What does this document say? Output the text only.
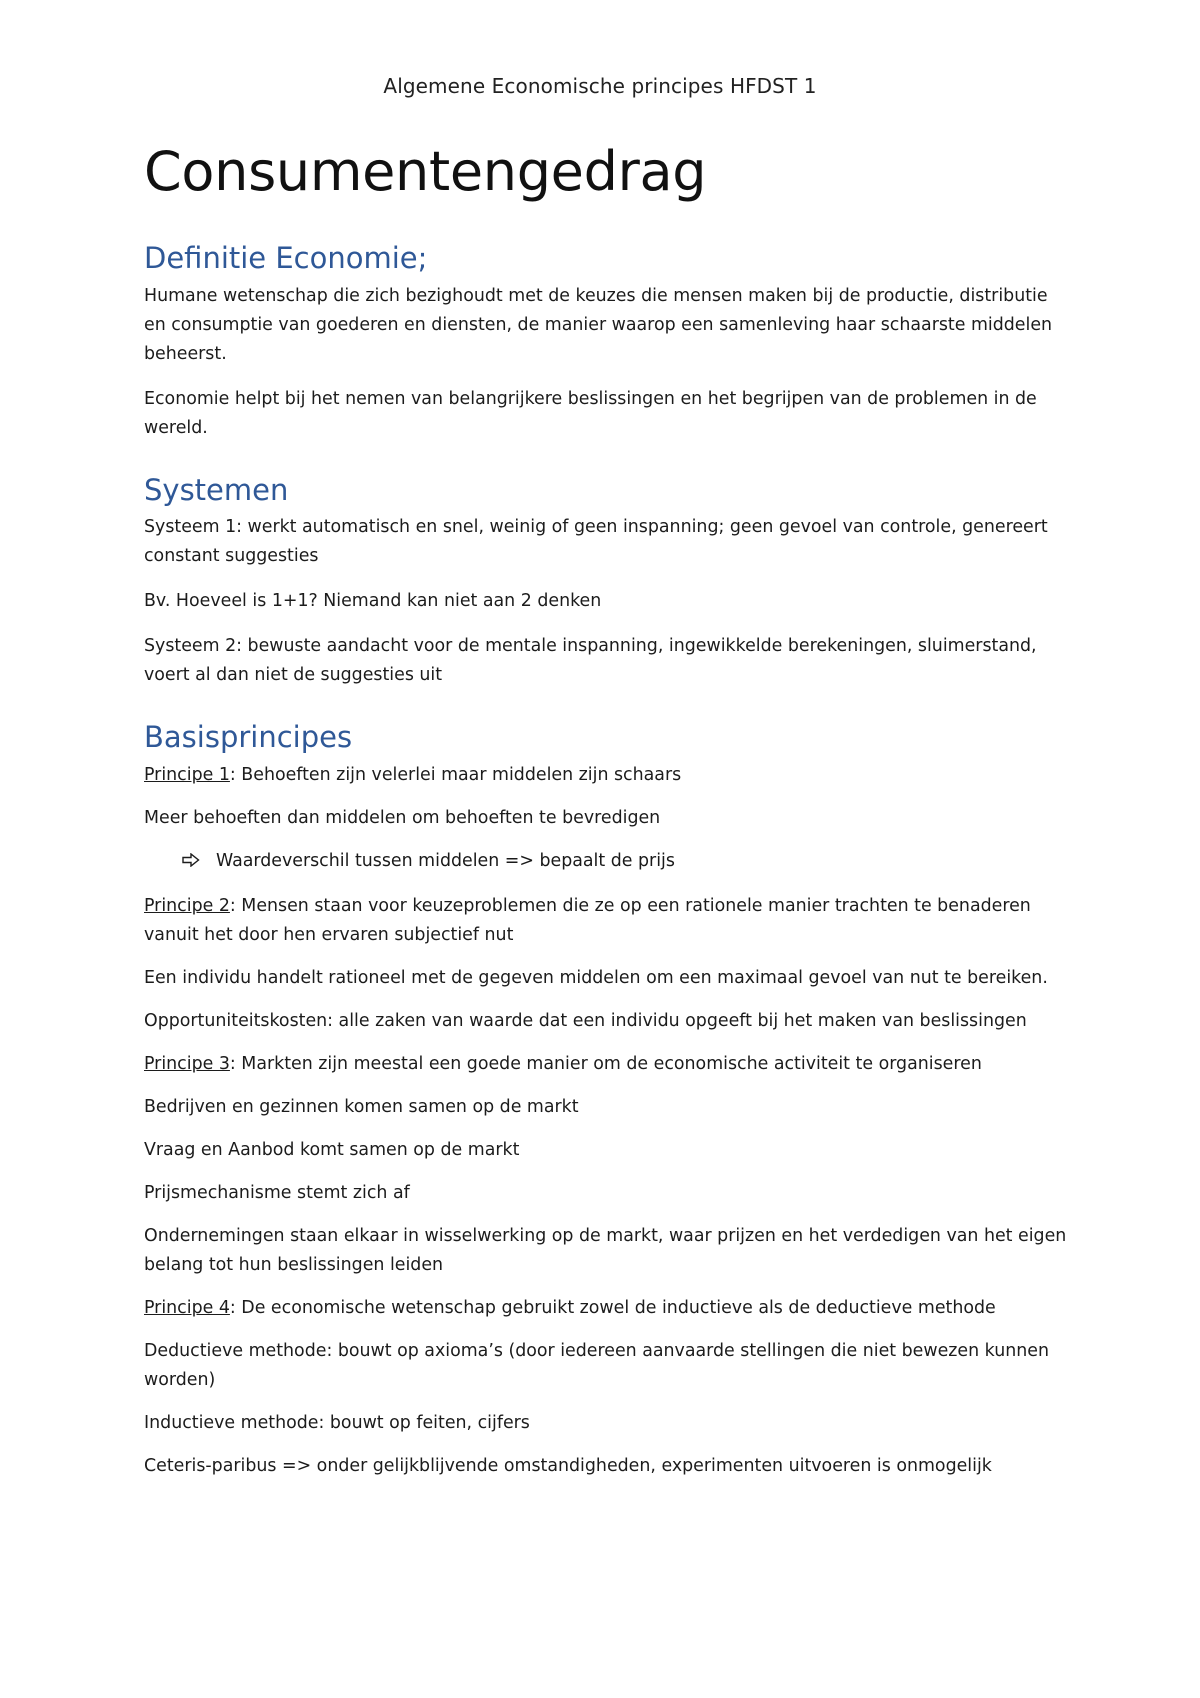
Algemene Economische principes HFDST 1
Consumentengedrag
Definitie Economie;

Humane wetenschap die zich bezighoudt met de keuzes die mensen maken bij de productie, distributie en consumptie van goederen en diensten, de manier waarop een samenleving haar schaarste middelen beheerst.

Economie helpt bij het nemen van belangrijkere beslissingen en het begrijpen van de problemen in de wereld.

Systemen

Systeem 1: werkt automatisch en snel, weinig of geen inspanning; geen gevoel van controle, genereert constant suggesties

Bv. Hoeveel is 1+1? Niemand kan niet aan 2 denken

Systeem 2: bewuste aandacht voor de mentale inspanning, ingewikkelde berekeningen, sluimerstand, voert al dan niet de suggesties uit

Basisprincipes

Principe 1: Behoeften zijn velerlei maar middelen zijn schaars

Meer behoeften dan middelen om behoeften te bevredigen

Waardeverschil tussen middelen => bepaalt de prijs

Principe 2: Mensen staan voor keuzeproblemen die ze op een rationele manier trachten te benaderen vanuit het door hen ervaren subjectief nut

Een individu handelt rationeel met de gegeven middelen om een maximaal gevoel van nut te bereiken.

Opportuniteitskosten: alle zaken van waarde dat een individu opgeeft bij het maken van beslissingen

Principe 3: Markten zijn meestal een goede manier om de economische activiteit te organiseren

Bedrijven en gezinnen komen samen op de markt

Vraag en Aanbod komt samen op de markt

Prijsmechanisme stemt zich af

Ondernemingen staan elkaar in wisselwerking op de markt, waar prijzen en het verdedigen van het eigen belang tot hun beslissingen leiden

Principe 4: De economische wetenschap gebruikt zowel de inductieve als de deductieve methode

Deductieve methode: bouwt op axioma’s (door iedereen aanvaarde stellingen die niet bewezen kunnen worden)

Inductieve methode: bouwt op feiten, cijfers

Ceteris-paribus => onder gelijkblijvende omstandigheden, experimenten uitvoeren is onmogelijk
